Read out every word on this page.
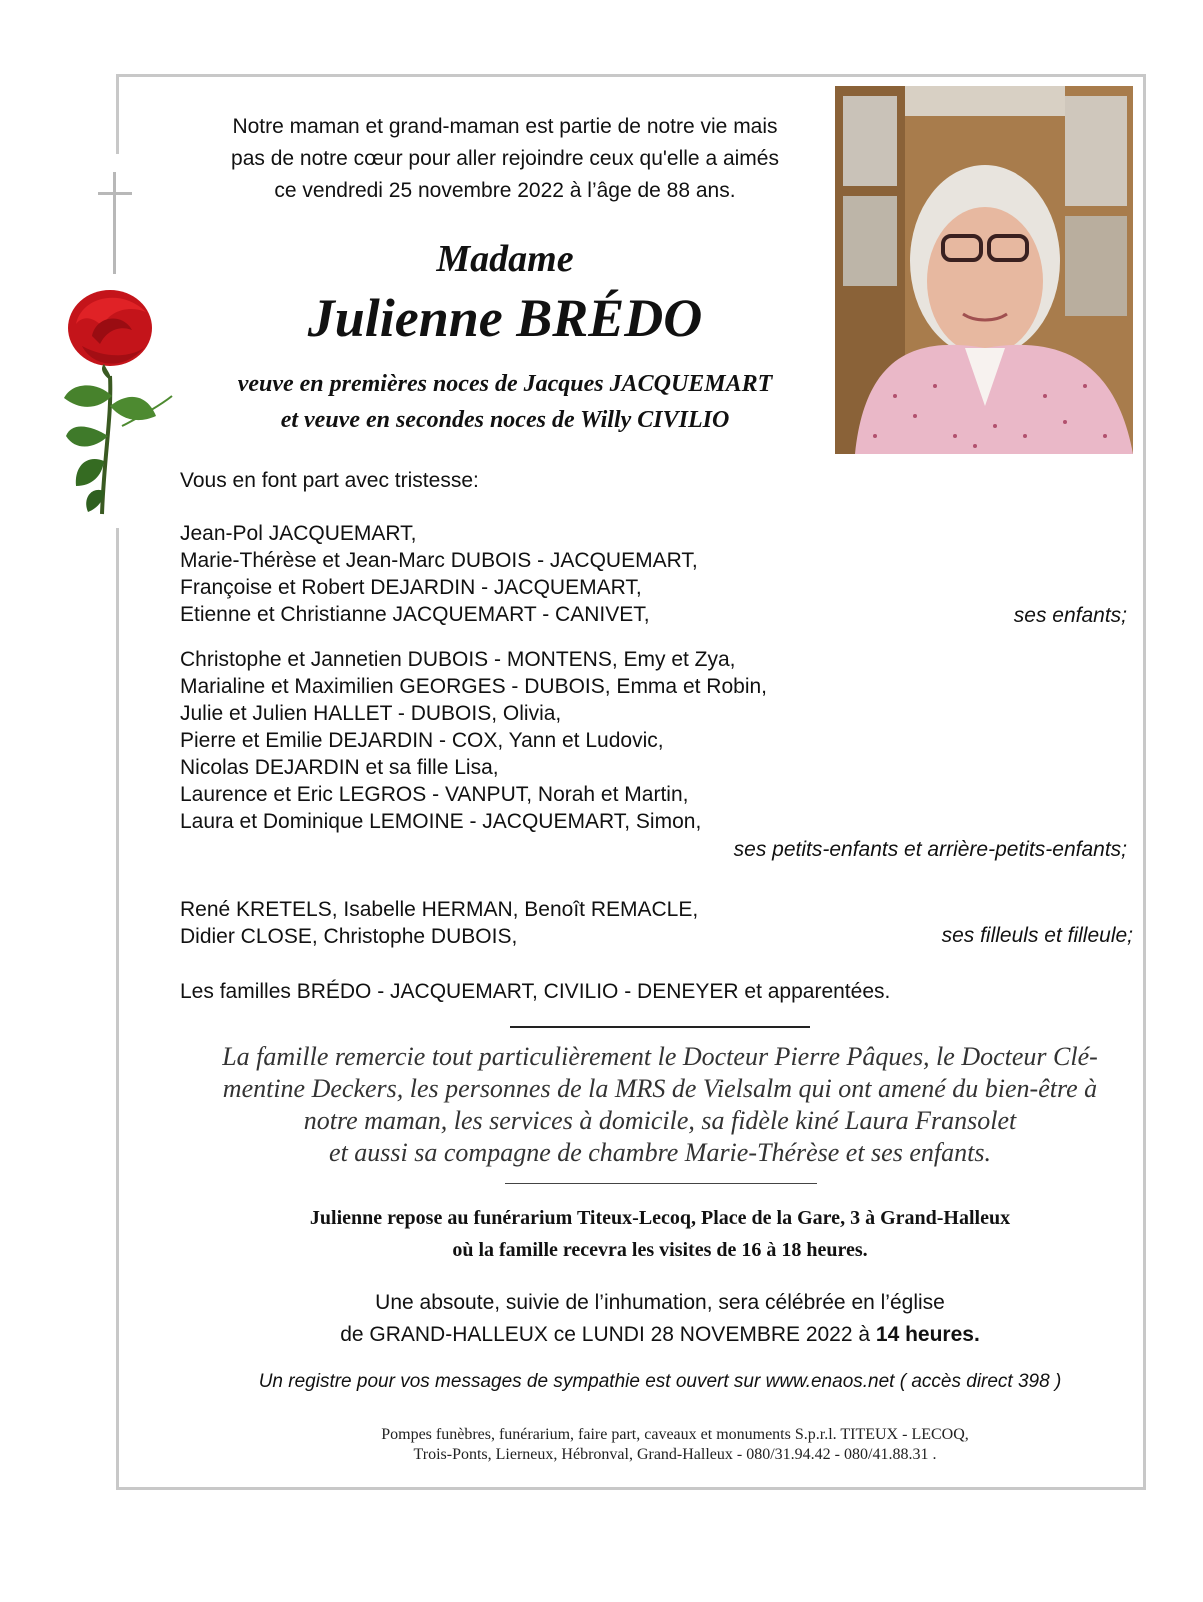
Notre maman et grand-maman est partie de notre vie mais
pas de notre cœur pour aller rejoindre ceux qu'elle a aimés
ce vendredi 25 novembre 2022 à l’âge de 88 ans.
Madame
Julienne BRÉDO
veuve en premières noces de Jacques JACQUEMART
et veuve en secondes noces de Willy CIVILIO
Vous en font part avec tristesse:
Jean-Pol JACQUEMART,
Marie-Thérèse et Jean-Marc DUBOIS - JACQUEMART,
Françoise et Robert DEJARDIN - JACQUEMART,
Etienne et Christianne JACQUEMART - CANIVET,	ses enfants;
Christophe et Jannetien DUBOIS - MONTENS, Emy et Zya,
Marialine et Maximilien GEORGES - DUBOIS, Emma et Robin,
Julie et Julien HALLET - DUBOIS, Olivia,
Pierre et Emilie DEJARDIN - COX, Yann et Ludovic,
Nicolas DEJARDIN et sa fille Lisa,
Laurence et Eric LEGROS - VANPUT, Norah et Martin,
Laura et Dominique LEMOINE - JACQUEMART, Simon,
ses petits-enfants et arrière-petits-enfants;
René KRETELS, Isabelle HERMAN, Benoît REMACLE,
Didier CLOSE, Christophe DUBOIS,	ses filleuls et filleule;
Les familles BRÉDO - JACQUEMART, CIVILIO - DENEYER et apparentées.
La famille remercie tout particulièrement le Docteur Pierre Pâques, le Docteur Clé-
mentine Deckers, les personnes de la MRS de Vielsalm qui ont amené du bien-être à
notre maman, les services à domicile, sa fidèle kiné Laura Fransolet
et aussi sa compagne de chambre Marie-Thérèse et ses enfants.
Julienne repose au funérarium Titeux-Lecoq, Place de la Gare, 3 à Grand-Halleux
où la famille recevra les visites de 16 à 18 heures.
Une absoute, suivie de l’inhumation, sera célébrée en l’église
de GRAND-HALLEUX ce LUNDI 28 NOVEMBRE 2022 à 14 heures.
Un registre pour vos messages de sympathie est ouvert sur www.enaos.net ( accès direct 398 )
Pompes funèbres, funérarium, faire part, caveaux et monuments S.p.r.l. TITEUX - LECOQ,
Trois-Ponts, Lierneux, Hébronval, Grand-Halleux - 080/31.94.42 - 080/41.88.31 .
